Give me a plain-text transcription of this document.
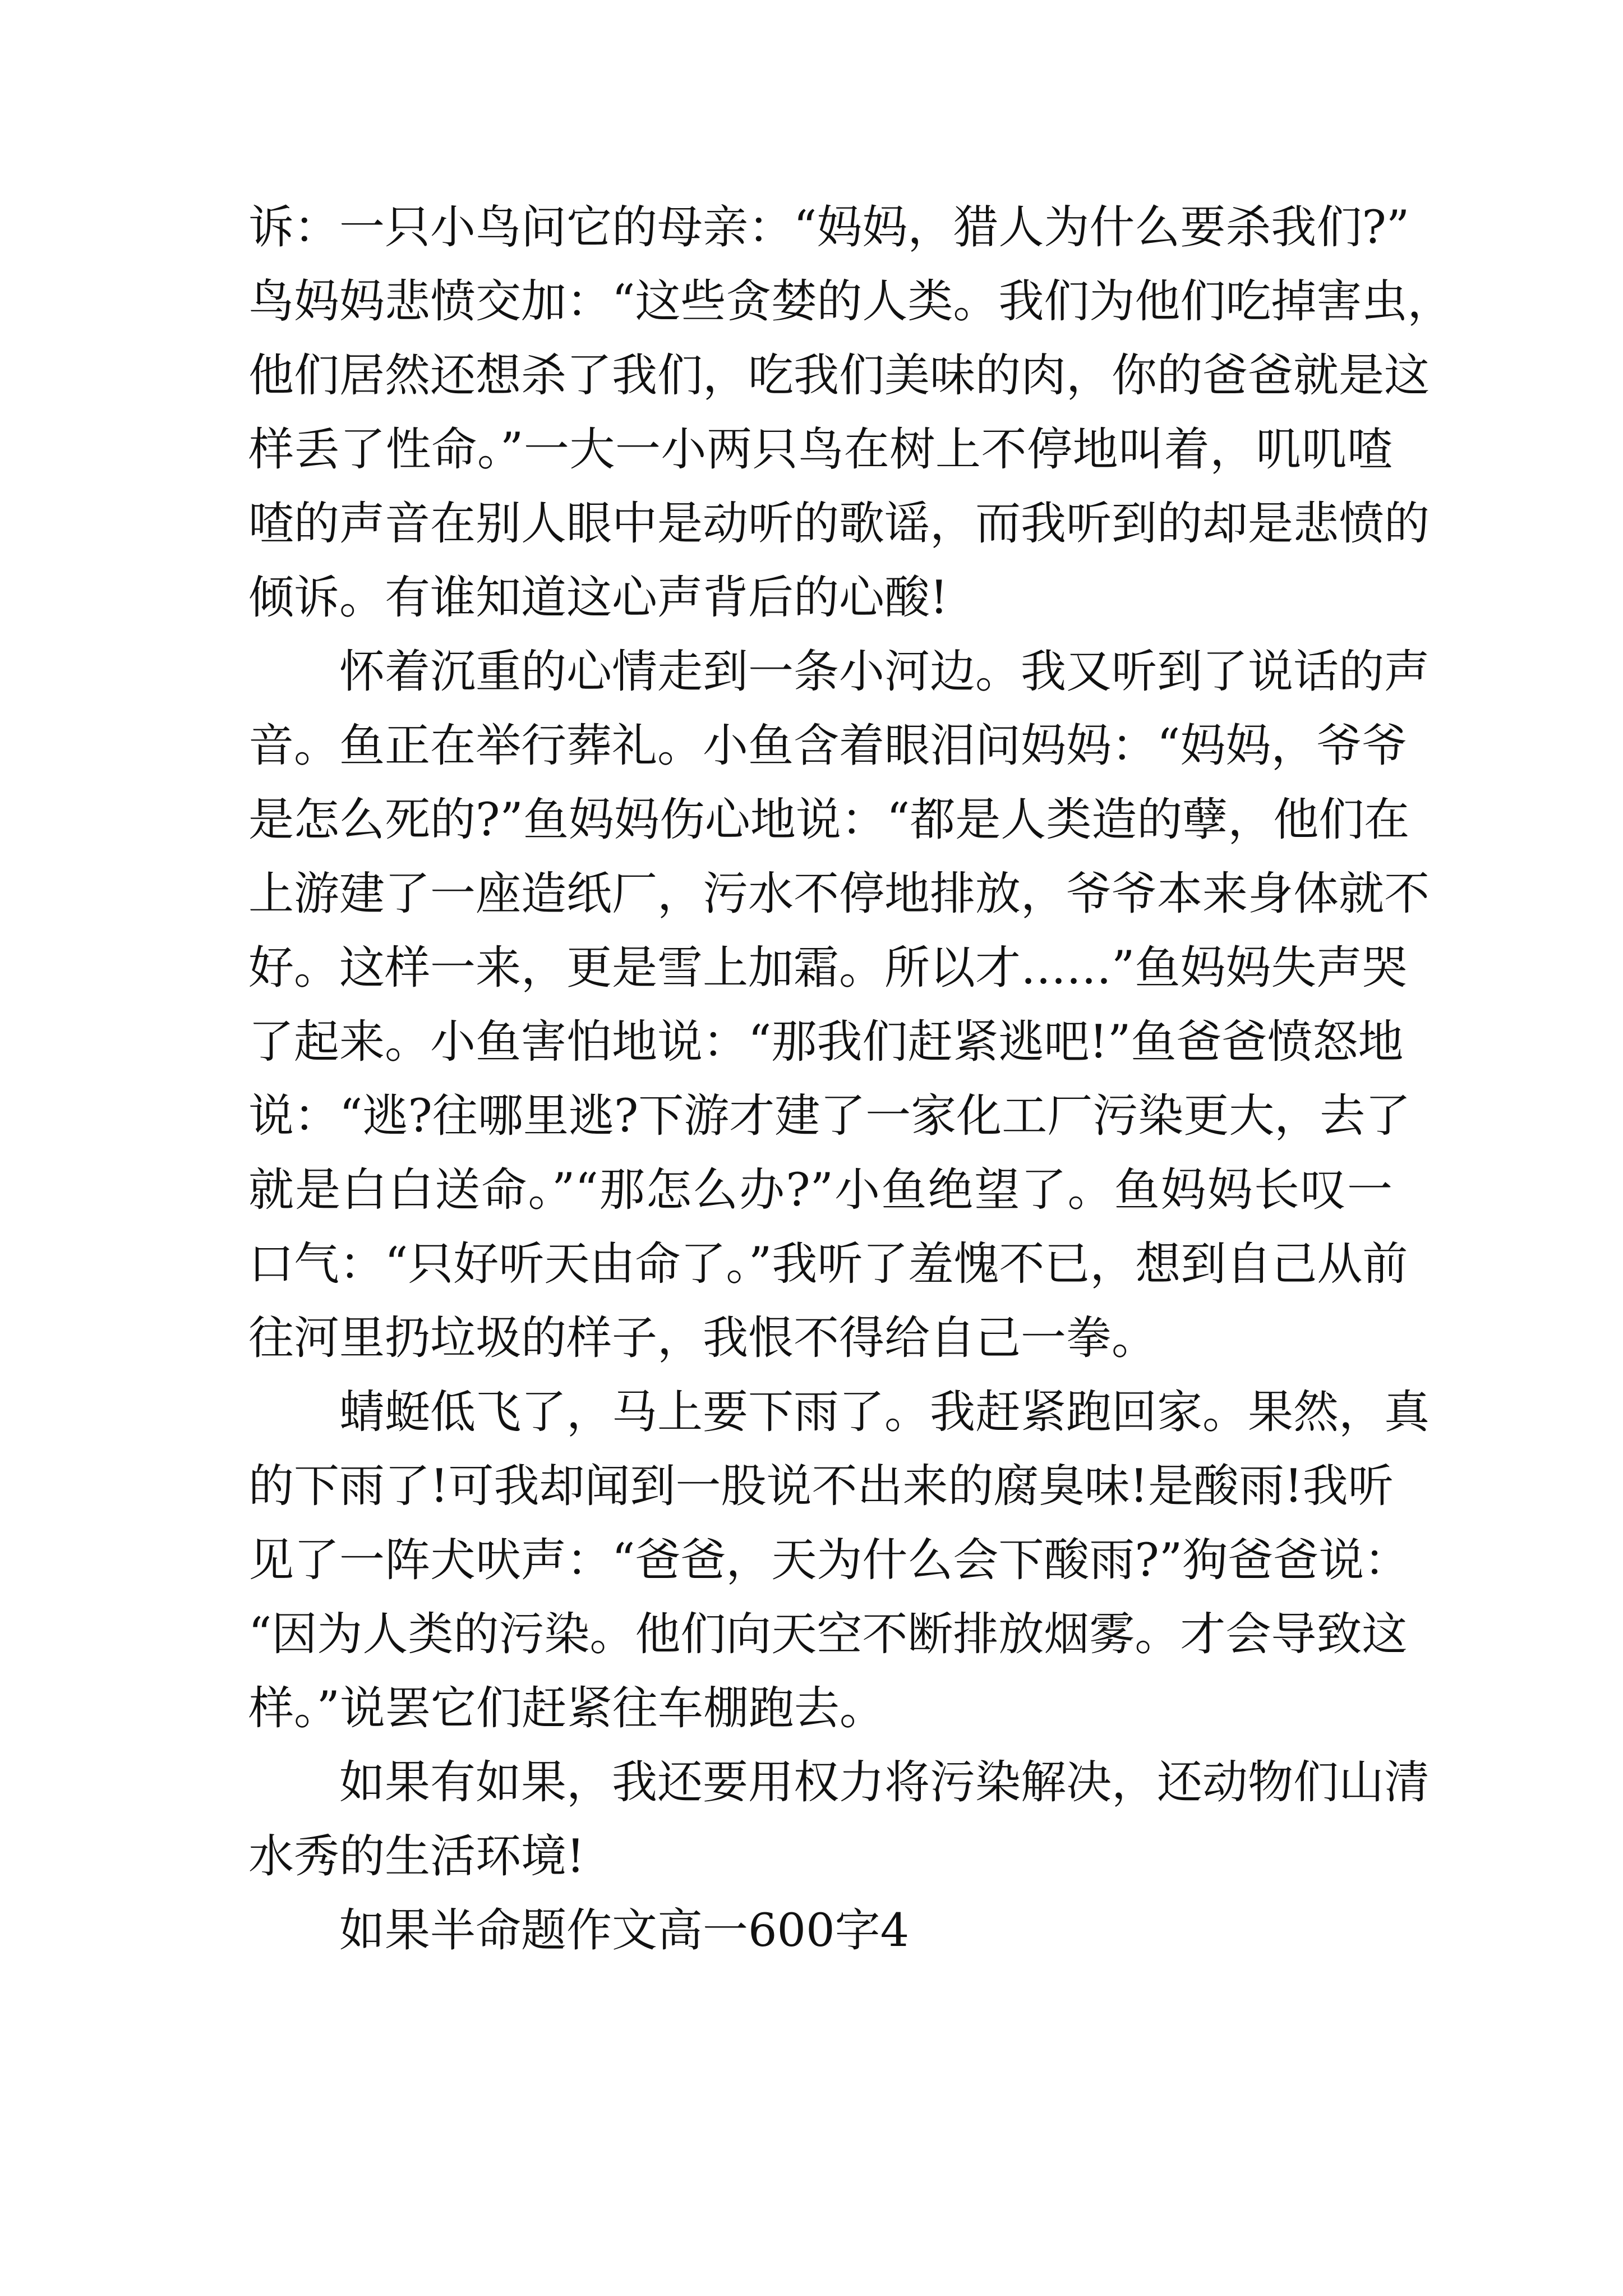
诉：一只小鸟问它的母亲：“妈妈，猎人为什么要杀我们?”
鸟妈妈悲愤交加：“这些贪婪的人类。我们为他们吃掉害虫，
他们居然还想杀了我们，吃我们美味的肉，你的爸爸就是这
样丢了性命。”一大一小两只鸟在树上不停地叫着，叽叽喳
喳的声音在别人眼中是动听的歌谣，而我听到的却是悲愤的
倾诉。有谁知道这心声背后的心酸!
怀着沉重的心情走到一条小河边。我又听到了说话的声
音。鱼正在举行葬礼。小鱼含着眼泪问妈妈：“妈妈，爷爷
是怎么死的?”鱼妈妈伤心地说：“都是人类造的孽，他们在
上游建了一座造纸厂，污水不停地排放，爷爷本来身体就不
好。这样一来，更是雪上加霜。所以才……”鱼妈妈失声哭
了起来。小鱼害怕地说：“那我们赶紧逃吧!”鱼爸爸愤怒地
说：“逃?往哪里逃?下游才建了一家化工厂污染更大，去了
就是白白送命。”“那怎么办?”小鱼绝望了。鱼妈妈长叹一
口气：“只好听天由命了。”我听了羞愧不已，想到自己从前
往河里扔垃圾的样子，我恨不得给自己一拳。
蜻蜓低飞了，马上要下雨了。我赶紧跑回家。果然，真
的下雨了!可我却闻到一股说不出来的腐臭味!是酸雨!我听
见了一阵犬吠声：“爸爸，天为什么会下酸雨?”狗爸爸说：
“因为人类的污染。他们向天空不断排放烟雾。才会导致这
样。”说罢它们赶紧往车棚跑去。
如果有如果，我还要用权力将污染解决，还动物们山清
水秀的生活环境!
如果半命题作文高一600字4
